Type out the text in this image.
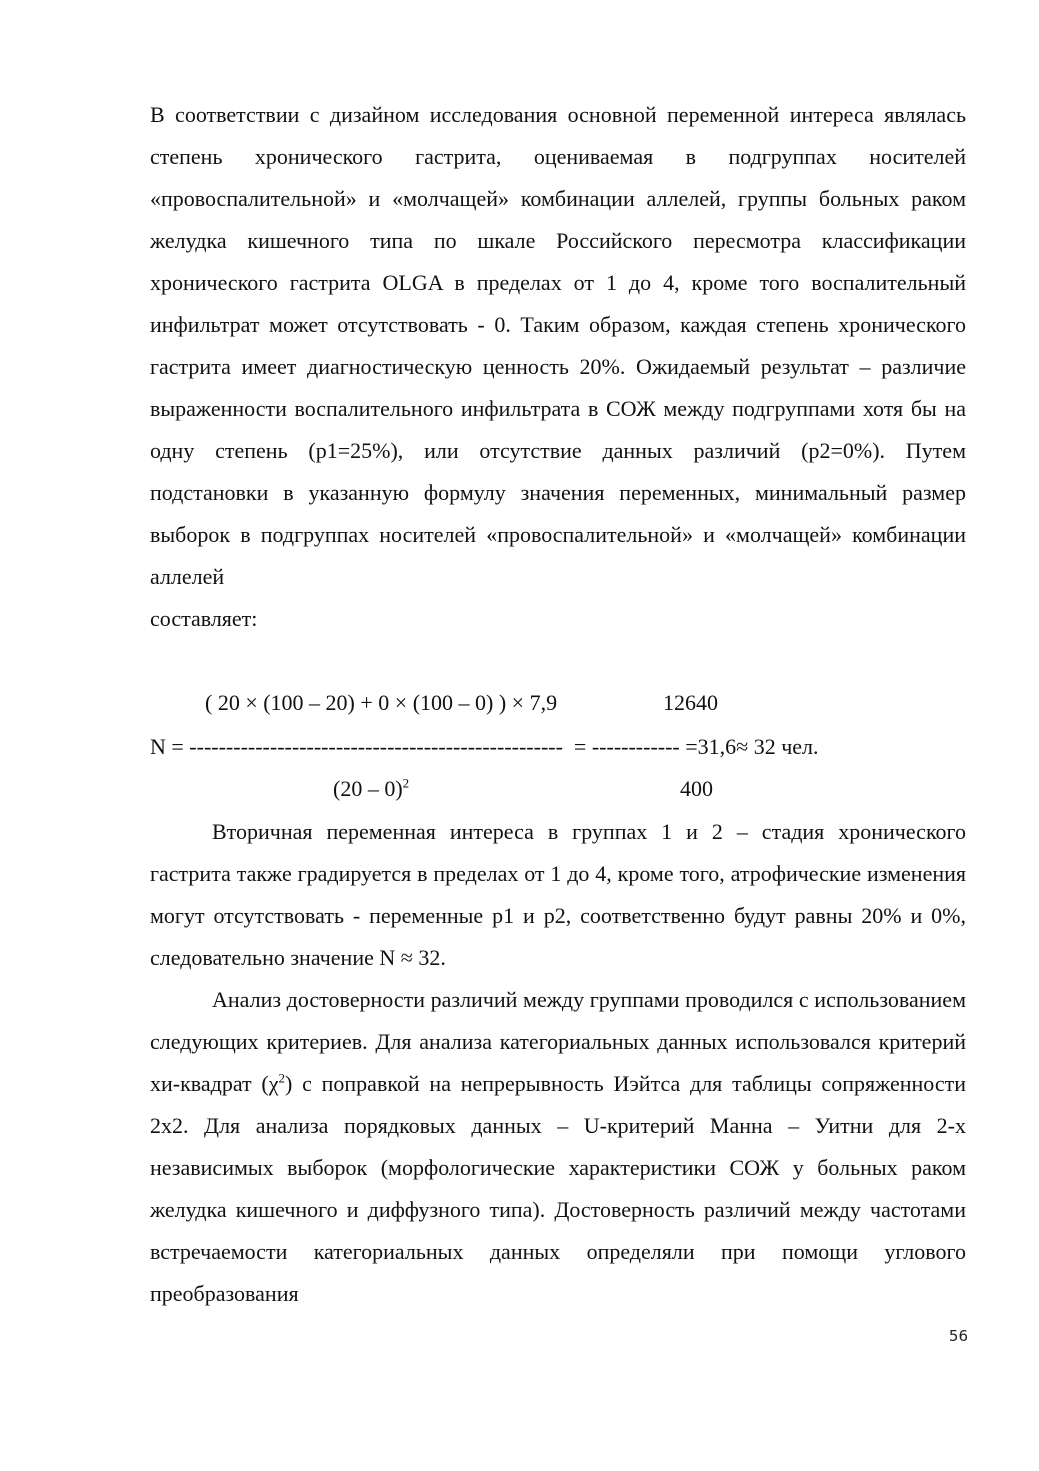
В соответствии с дизайном исследования основной переменной интереса являлась степень хронического гастрита, оцениваемая в подгруппах носителей «провоспалительной» и «молчащей» комбинации аллелей, группы больных раком желудка кишечного типа по шкале Российского пересмотра классификации хронического гастрита OLGA в пределах от 1 до 4, кроме того воспалительный инфильтрат может отсутствовать - 0. Таким образом, каждая степень хронического гастрита имеет диагностическую ценность 20%. Ожидаемый результат – различие выраженности воспалительного инфильтрата в СОЖ между подгруппами хотя бы на одну степень (p1=25%), или отсутствие данных различий (p2=0%). Путем подстановки в указанную формулу значения переменных, минимальный размер выборок в подгруппах носителей «провоспалительной» и «молчащей» комбинации аллелей

составляет:

( 20 × (100 – 20) + 0 × (100 – 0) ) × 7,9	12640
N = ---------------------------------------------------  = ------------ =31,6≈ 32 чел.
(20 – 0)$^2$	400

Вторичная переменная интереса в группах 1 и 2 – стадия хронического гастрита также градируется в пределах от 1 до 4, кроме того, атрофические изменения могут отсутствовать - переменные p1 и p2, соответственно будут равны 20% и 0%, следовательно значение N ≈ 32.

Анализ достоверности различий между группами проводился с использованием следующих критериев. Для анализа категориальных данных использовался критерий хи-квадрат $(\chi^2)$ с поправкой на непрерывность Иэйтса для таблицы сопряженности 2x2. Для анализа порядковых данных – U-критерий Манна – Уитни для 2-х независимых выборок (морфологические характеристики СОЖ у больных раком желудка кишечного и диффузного типа). Достоверность различий между частотами встречаемости категориальных данных определяли при помощи углового преобразования

56
